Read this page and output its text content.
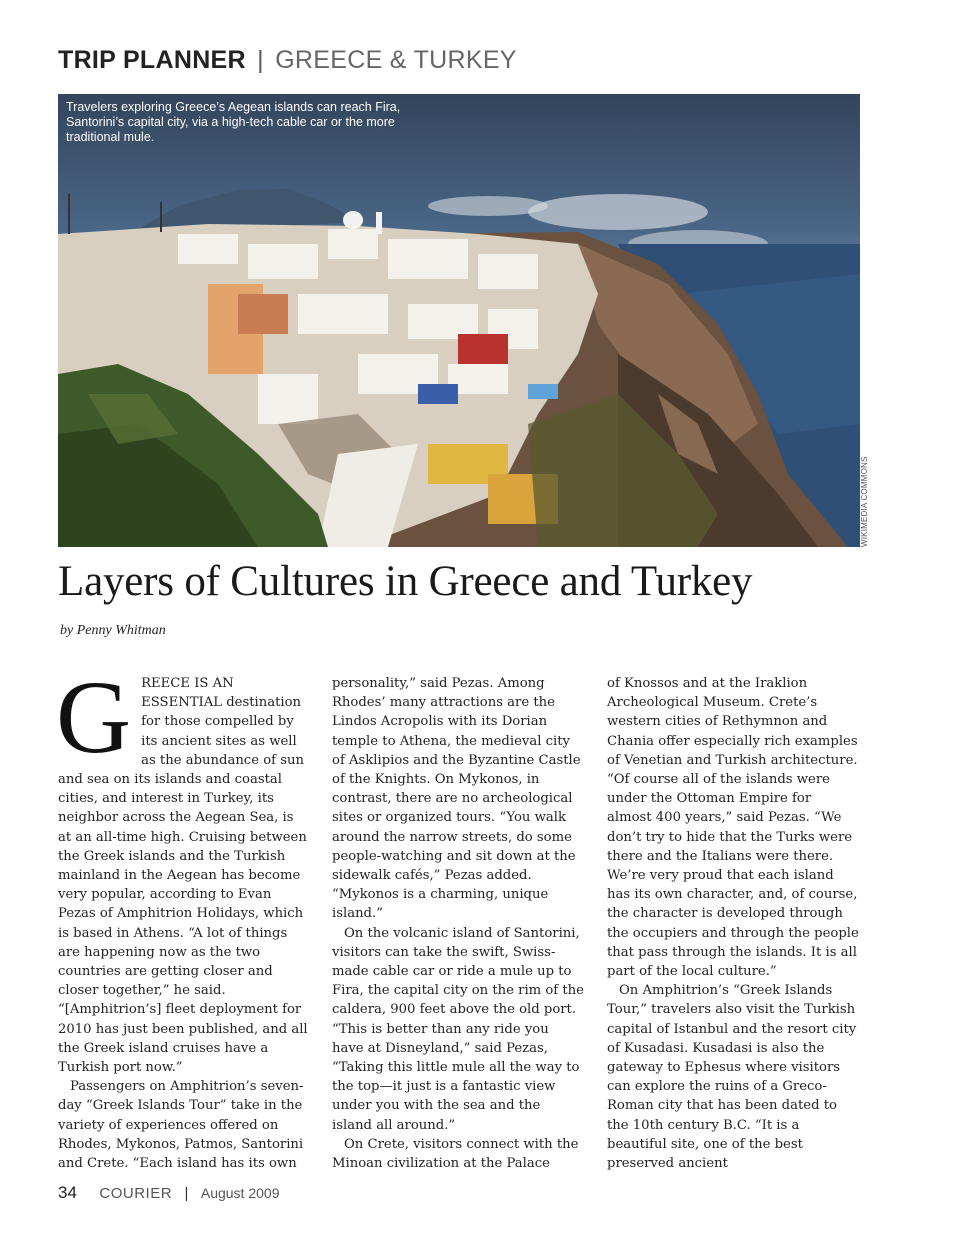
TRIP PLANNER | GREECE & TURKEY
Travelers exploring Greece’s Aegean islands can reach Fira, Santorini’s capital city, via a high-tech cable car or the more traditional mule.
WIKIMEDIA COMMONS
Layers of Cultures in Greece and Turkey
by Penny Whitman

GREECE IS AN ESSENTIAL destination for those compelled by its ancient sites as well as the abundance of sun and sea on its islands and coastal cities, and interest in Turkey, its neighbor across the Aegean Sea, is at an all-time high. Cruising between the Greek islands and the Turkish mainland in the Aegean has become very popular, according to Evan Pezas of Amphitrion Holidays, which is based in Athens. “A lot of things are happening now as the two countries are getting closer and closer together,” he said. “[Amphitrion’s] fleet deployment for 2010 has just been published, and all the Greek island cruises have a Turkish port now.”

Passengers on Amphitrion’s seven-day “Greek Islands Tour” take in the variety of experiences offered on Rhodes, Mykonos, Patmos, Santorini and Crete. “Each island has its own

personality,” said Pezas. Among Rhodes’ many attractions are the Lindos Acropolis with its Dorian temple to Athena, the medieval city of Asklipios and the Byzantine Castle of the Knights. On Mykonos, in contrast, there are no archeological sites or organized tours. “You walk around the narrow streets, do some people-watching and sit down at the sidewalk cafés,” Pezas added. “Mykonos is a charming, unique island.”

On the volcanic island of Santorini, visitors can take the swift, Swiss-made cable car or ride a mule up to Fira, the capital city on the rim of the caldera, 900 feet above the old port. “This is better than any ride you have at Disneyland,” said Pezas, “Taking this little mule all the way to the top—it just is a fantastic view under you with the sea and the island all around.”

On Crete, visitors connect with the Minoan civilization at the Palace

of Knossos and at the Iraklion Archeological Museum. Crete’s western cities of Rethymnon and Chania offer especially rich examples of Venetian and Turkish architecture. “Of course all of the islands were under the Ottoman Empire for almost 400 years,” said Pezas. “We don’t try to hide that the Turks were there and the Italians were there. We’re very proud that each island has its own character, and, of course, the character is developed through the occupiers and through the people that pass through the islands. It is all part of the local culture.”

On Amphitrion’s “Greek Islands Tour,” travelers also visit the Turkish capital of Istanbul and the resort city of Kusadasi. Kusadasi is also the gateway to Ephesus where visitors can explore the ruins of a Greco-Roman city that has been dated to the 10th century B.C. “It is a beautiful site, one of the best preserved ancient

34 COURIER | August 2009
